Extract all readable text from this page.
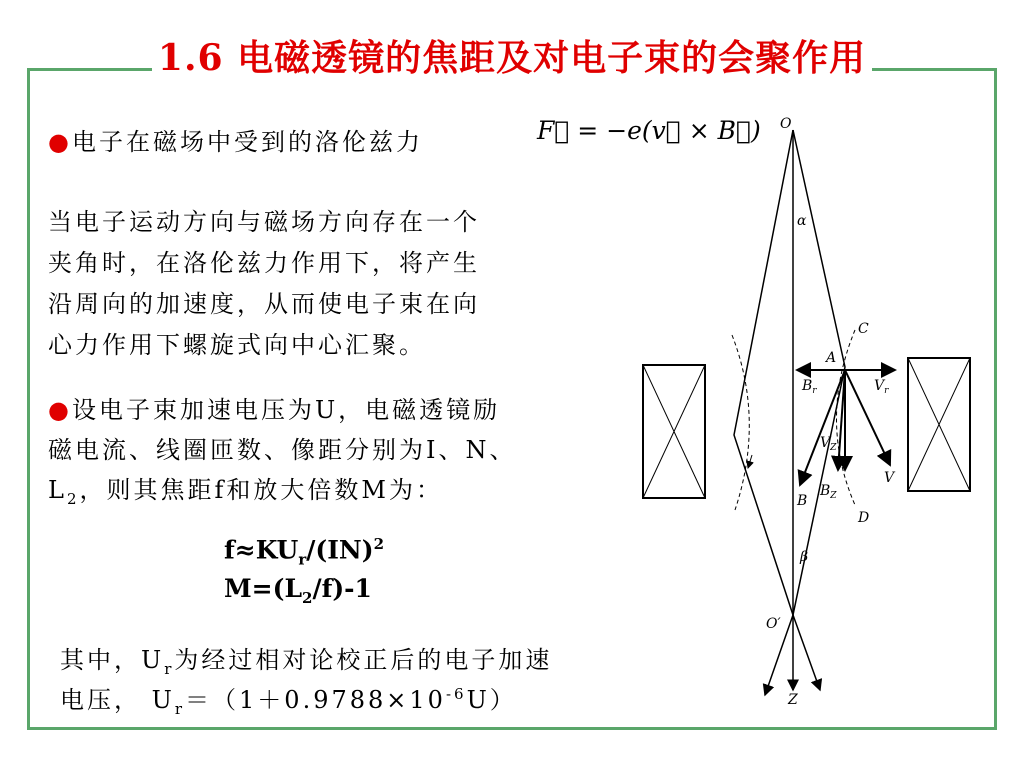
1.6 电磁透镜的焦距及对电子束的会聚作用
●电子在磁场中受到的洛伦兹力	F⃗ = −e(v⃗ × B⃗)
当电子运动方向与磁场方向存在一个
夹角时，在洛伦兹力作用下，将产生
沿周向的加速度，从而使电子束在向
心力作用下螺旋式向中心汇聚。
●设电子束加速电压为U，电磁透镜励
磁电流、线圈匝数、像距分别为I、N、
$L_2$，则其焦距f和放大倍数M为：
$f\approx KU_r/(IN)^2$
$M=(L_2/f)-1$
其中，$U_r$为经过相对论校正后的电子加速
电压， $U_r=(1+0.9788\times 10^{-6}U)$
O
α
C
A
$B_r$	$V_r$
$V_Z$
V
B
$B_Z$
D
β
O′
Z
